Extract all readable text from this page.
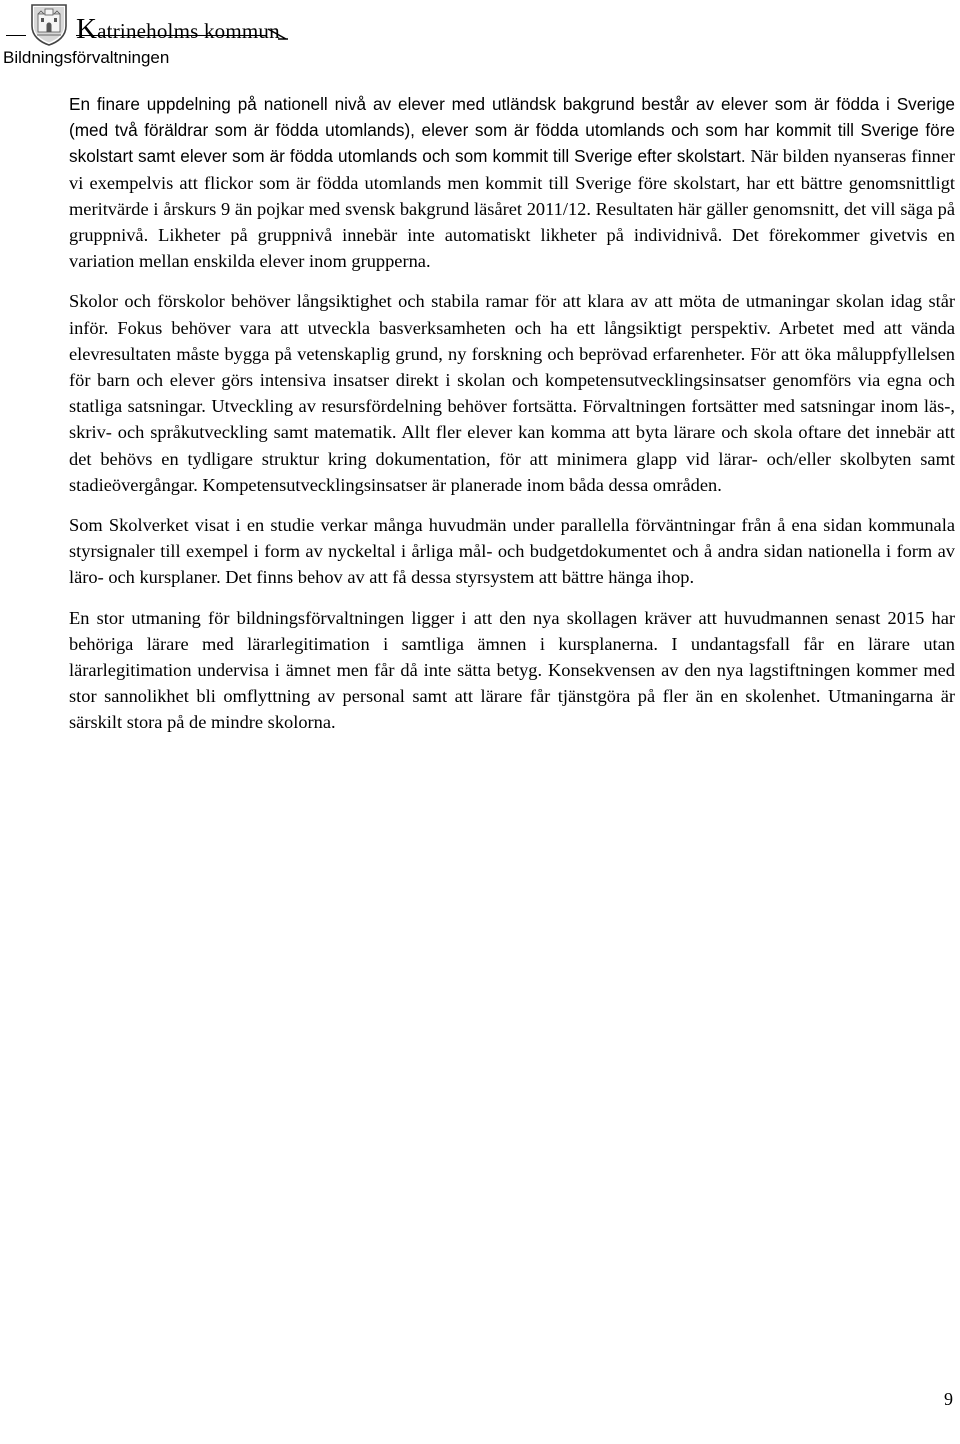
Katrineholms kommun
Bildningsförvaltningen

En finare uppdelning på nationell nivå av elever med utländsk bakgrund består av elever som är födda i Sverige (med två föräldrar som är födda utomlands), elever som är födda utomlands och som har kommit till Sverige före skolstart samt elever som är födda utomlands och som kommit till Sverige efter skolstart. När bilden nyanseras finner vi exempelvis att flickor som är födda utomlands men kommit till Sverige före skolstart, har ett bättre genomsnittligt meritvärde i årskurs 9 än pojkar med svensk bakgrund läsåret 2011/12. Resultaten här gäller genomsnitt, det vill säga på gruppnivå. Likheter på gruppnivå innebär inte automatiskt likheter på individnivå. Det förekommer givetvis en variation mellan enskilda elever inom grupperna.

Skolor och förskolor behöver långsiktighet och stabila ramar för att klara av att möta de utmaningar skolan idag står inför. Fokus behöver vara att utveckla basverksamheten och ha ett långsiktigt perspektiv. Arbetet med att vända elevresultaten måste bygga på vetenskaplig grund, ny forskning och beprövad erfarenheter. För att öka måluppfyllelsen för barn och elever görs intensiva insatser direkt i skolan och kompetensutvecklingsinsatser genomförs via egna och statliga satsningar. Utveckling av resursfördelning behöver fortsätta. Förvaltningen fortsätter med satsningar inom läs-, skriv- och språkutveckling samt matematik. Allt fler elever kan komma att byta lärare och skola oftare det innebär att det behövs en tydligare struktur kring dokumentation, för att minimera glapp vid lärar- och/eller skolbyten samt stadieövergångar. Kompetensutvecklingsinsatser är planerade inom båda dessa områden.

Som Skolverket visat i en studie verkar många huvudmän under parallella förväntningar från å ena sidan kommunala styrsignaler till exempel i form av nyckeltal i årliga mål- och budgetdokumentet och å andra sidan nationella i form av läro- och kursplaner. Det finns behov av att få dessa styrsystem att bättre hänga ihop.

En stor utmaning för bildningsförvaltningen ligger i att den nya skollagen kräver att huvudmannen senast 2015 har behöriga lärare med lärarlegitimation i samtliga ämnen i kursplanerna. I undantagsfall får en lärare utan lärarlegitimation undervisa i ämnet men får då inte sätta betyg. Konsekvensen av den nya lagstiftningen kommer med stor sannolikhet bli omflyttning av personal samt att lärare får tjänstgöra på fler än en skolenhet. Utmaningarna är särskilt stora på de mindre skolorna.

9
